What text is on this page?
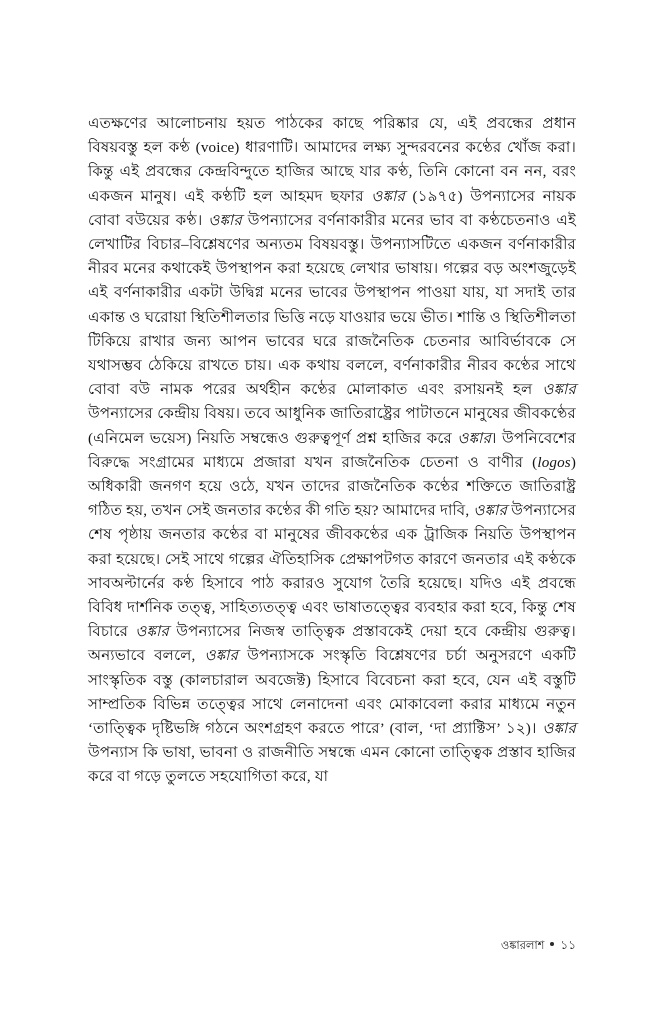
এতক্ষণের আলোচনায় হয়ত পাঠকের কাছে পরিষ্কার যে, এই প্রবন্ধের প্রধান বিষয়বস্তু হল কণ্ঠ (voice) ধারণাটি। আমাদের লক্ষ্য সুন্দরবনের কণ্ঠের খোঁজ করা। কিন্তু এই প্রবন্ধের কেন্দ্রবিন্দুতে হাজির আছে যার কণ্ঠ, তিনি কোনো বন নন, বরং একজন মানুষ। এই কণ্ঠটি হল আহমদ ছফার ওঙ্কার (১৯৭৫) উপন্যাসের নায়ক বোবা বউয়ের কণ্ঠ। ওঙ্কার উপন্যাসের বর্ণনাকারীর মনের ভাব বা কণ্ঠচেতনাও এই লেখাটির বিচার–বিশ্লেষণের অন্যতম বিষয়বস্তু। উপন্যাসটিতে একজন বর্ণনাকারীর নীরব মনের কথাকেই উপস্থাপন করা হয়েছে লেখার ভাষায়। গল্পের বড় অংশজুড়েই এই বর্ণনাকারীর একটা উদ্বিগ্ন মনের ভাবের উপস্থাপন পাওয়া যায়, যা সদাই তার একান্ত ও ঘরোয়া স্থিতিশীলতার ভিত্তি নড়ে যাওয়ার ভয়ে ভীত। শান্তি ও স্থিতিশীলতা টিকিয়ে রাখার জন্য আপন ভাবের ঘরে রাজনৈতিক চেতনার আবির্ভাবকে সে যথাসম্ভব ঠেকিয়ে রাখতে চায়। এক কথায় বললে, বর্ণনাকারীর নীরব কণ্ঠের সাথে বোবা বউ নামক পরের অর্থহীন কণ্ঠের মোলাকাত এবং রসায়নই হল ওঙ্কার উপন্যাসের কেন্দ্রীয় বিষয়। তবে আধুনিক জাতিরাষ্ট্রের পাটাতনে মানুষের জীবকণ্ঠের (এনিমেল ভয়েস) নিয়তি সম্বন্ধেও গুরুত্বপূর্ণ প্রশ্ন হাজির করে ওঙ্কার। উপনিবেশের বিরুদ্ধে সংগ্রামের মাধ্যমে প্রজারা যখন রাজনৈতিক চেতনা ও বাণীর (logos) অধিকারী জনগণ হয়ে ওঠে, যখন তাদের রাজনৈতিক কণ্ঠের শক্তিতে জাতিরাষ্ট্র গঠিত হয়, তখন সেই জনতার কণ্ঠের কী গতি হয়? আমাদের দাবি, ওঙ্কার উপন্যাসের শেষ পৃষ্ঠায় জনতার কণ্ঠের বা মানুষের জীবকণ্ঠের এক ট্রাজিক নিয়তি উপস্থাপন করা হয়েছে। সেই সাথে গল্পের ঐতিহাসিক প্রেক্ষাপটগত কারণে জনতার এই কণ্ঠকে সাবঅল্টার্নের কণ্ঠ হিসাবে পাঠ করারও সুযোগ তৈরি হয়েছে। যদিও এই প্রবন্ধে বিবিধ দার্শনিক তত্ত্ব, সাহিত্যতত্ত্ব এবং ভাষাতত্ত্বের ব্যবহার করা হবে, কিন্তু শেষ বিচারে ওঙ্কার উপন্যাসের নিজস্ব তাত্ত্বিক প্রস্তাবকেই দেয়া হবে কেন্দ্রীয় গুরুত্ব। অন্যভাবে বললে, ওঙ্কার উপন্যাসকে সংস্কৃতি বিশ্লেষণের চর্চা অনুসরণে একটি সাংস্কৃতিক বস্তু (কালচারাল অবজেক্ট) হিসাবে বিবেচনা করা হবে, যেন এই বস্তুটি সাম্প্রতিক বিভিন্ন তত্ত্বের সাথে লেনাদেনা এবং মোকাবেলা করার মাধ্যমে নতুন ‘তাত্ত্বিক দৃষ্টিভঙ্গি গঠনে অংশগ্রহণ করতে পারে’ (বাল, ‘দা প্র্যাক্টিস’ ১২)। ওঙ্কার উপন্যাস কি ভাষা, ভাবনা ও রাজনীতি সম্বন্ধে এমন কোনো তাত্ত্বিক প্রস্তাব হাজির করে বা গড়ে তুলতে সহযোগিতা করে, যা

ওঙ্কারলাশ ১১
